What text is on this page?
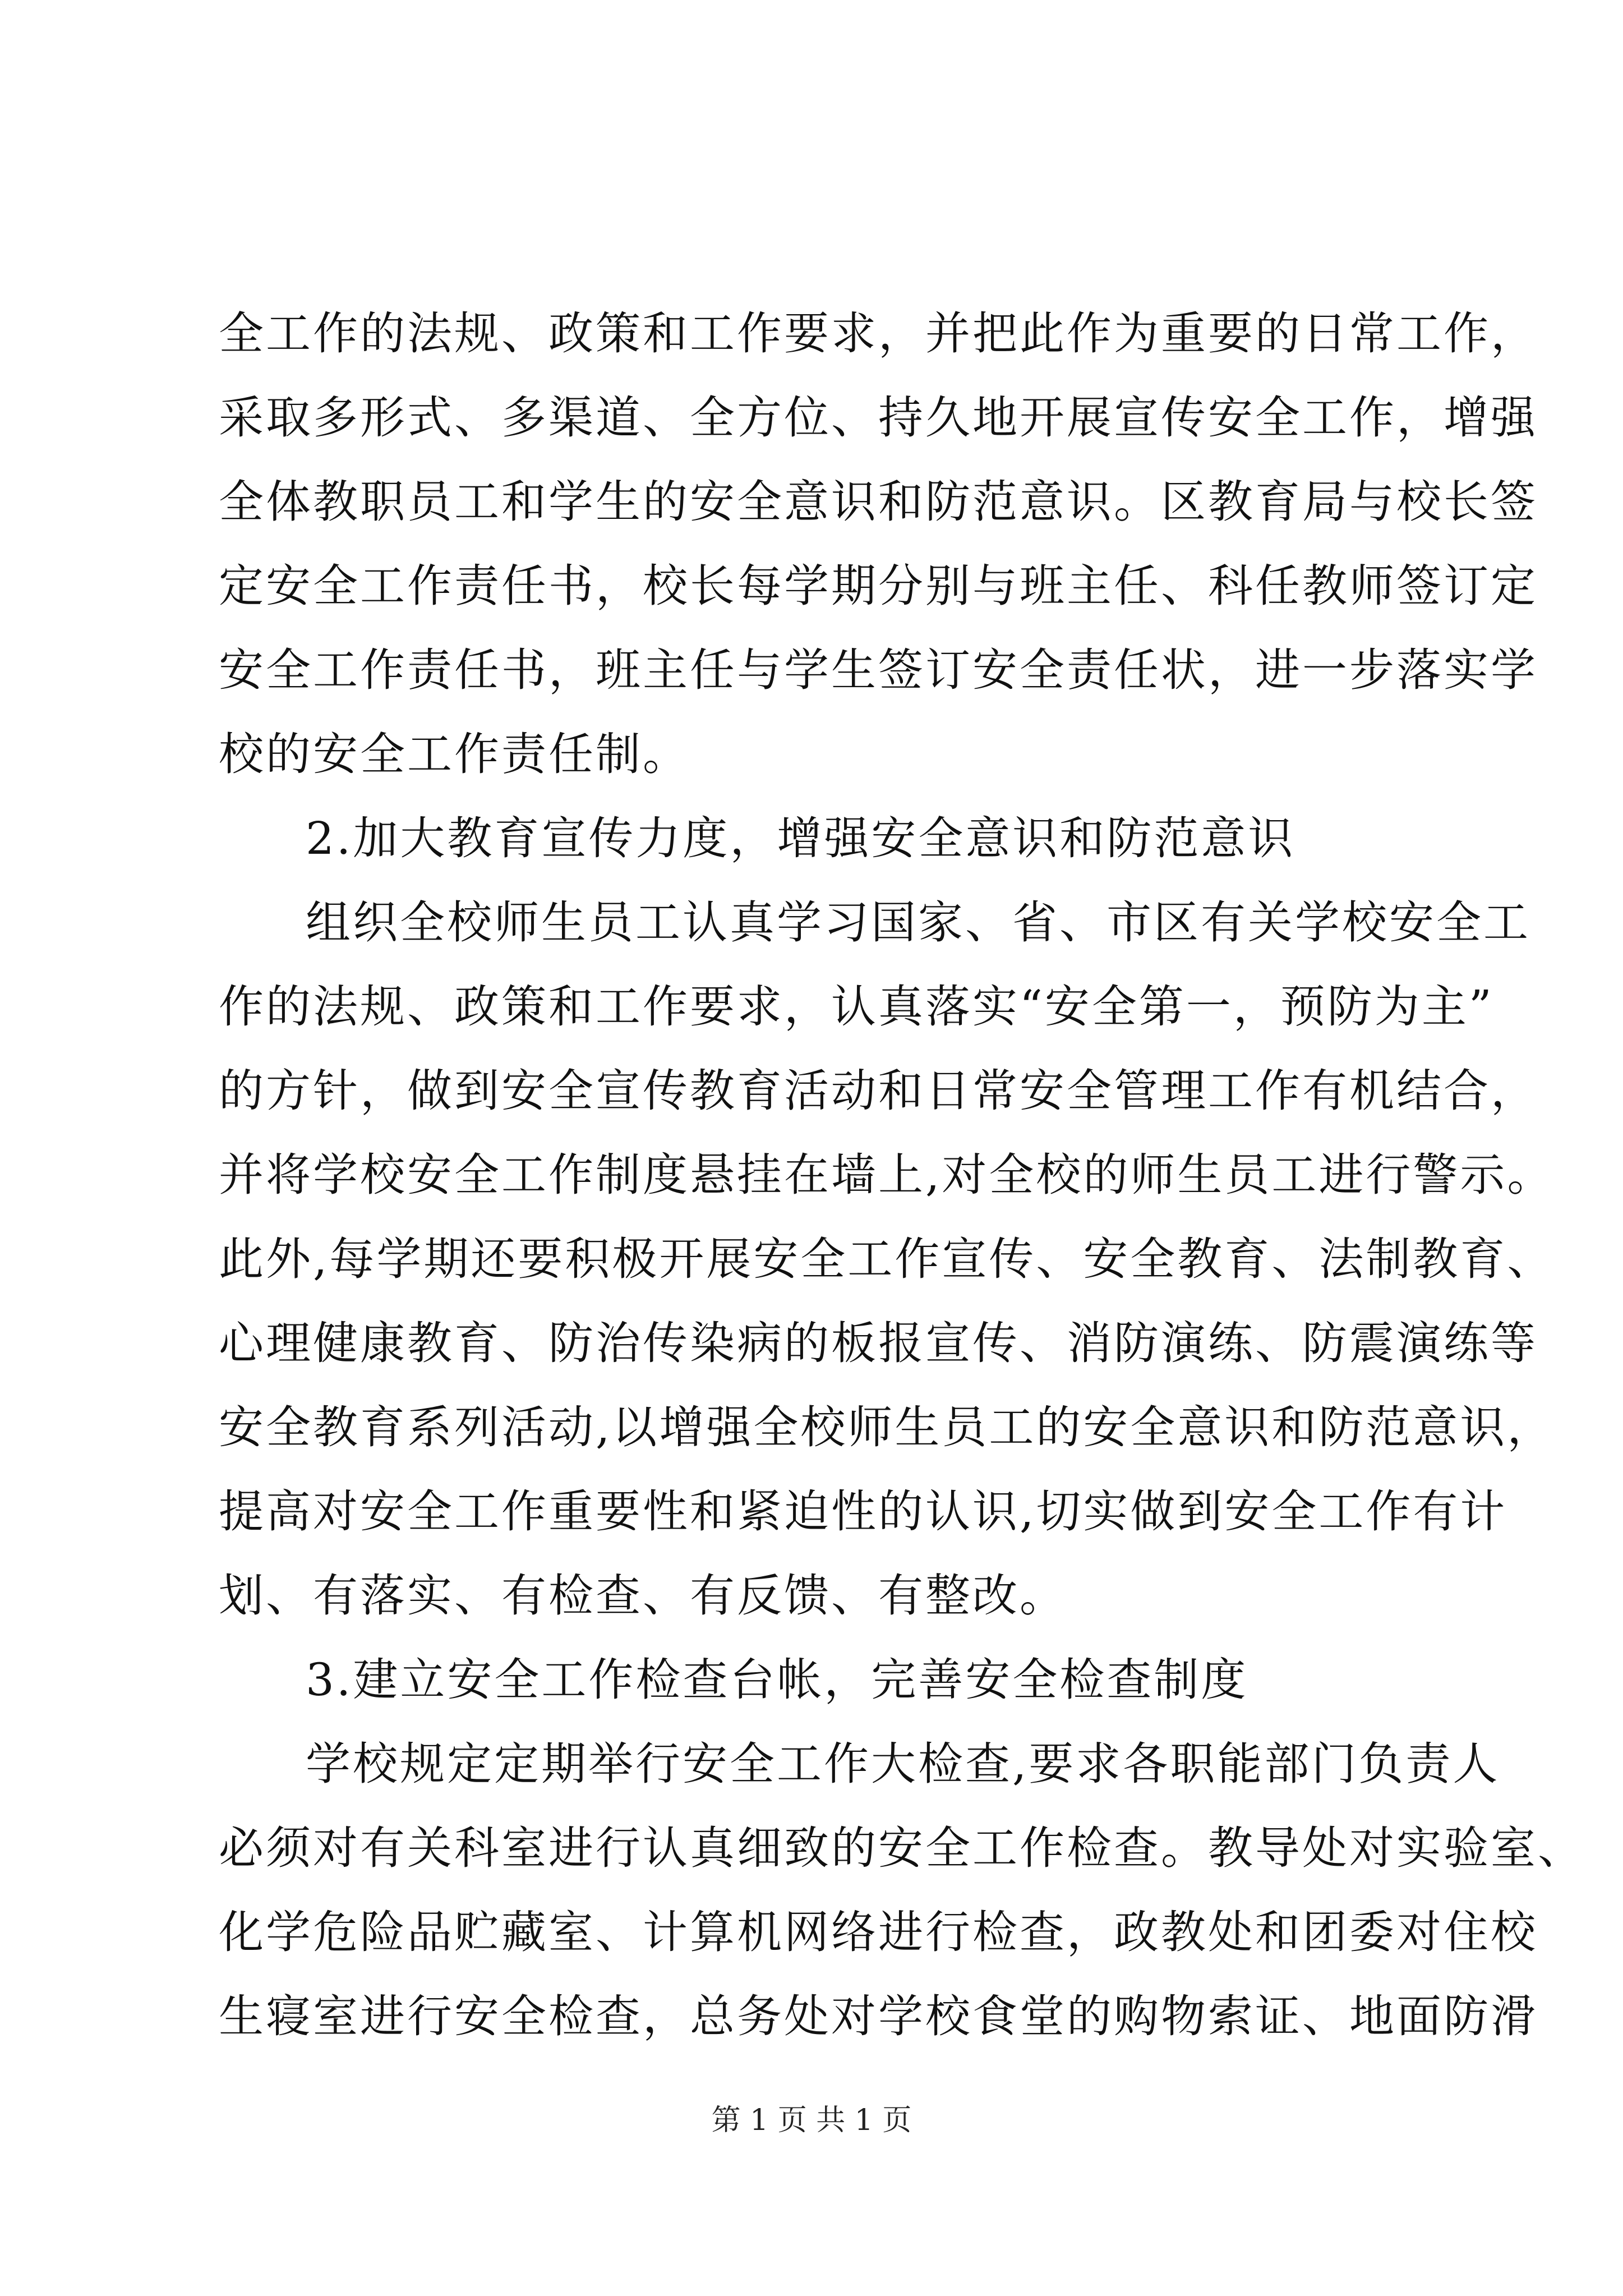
全工作的法规、政策和工作要求，并把此作为重要的日常工作，
采取多形式、多渠道、全方位、持久地开展宣传安全工作，增强
全体教职员工和学生的安全意识和防范意识。区教育局与校长签
定安全工作责任书，校长每学期分别与班主任、科任教师签订定
安全工作责任书，班主任与学生签订安全责任状，进一步落实学
校的安全工作责任制。
2.加大教育宣传力度，增强安全意识和防范意识
组织全校师生员工认真学习国家、省、市区有关学校安全工
作的法规、政策和工作要求，认真落实“安全第一，预防为主”
的方针，做到安全宣传教育活动和日常安全管理工作有机结合，
并将学校安全工作制度悬挂在墙上,对全校的师生员工进行警示。
此外,每学期还要积极开展安全工作宣传、安全教育、法制教育、
心理健康教育、防治传染病的板报宣传、消防演练、防震演练等
安全教育系列活动,以增强全校师生员工的安全意识和防范意识，
提高对安全工作重要性和紧迫性的认识,切实做到安全工作有计
划、有落实、有检查、有反馈、有整改。
3.建立安全工作检查台帐，完善安全检查制度
学校规定定期举行安全工作大检查,要求各职能部门负责人
必须对有关科室进行认真细致的安全工作检查。教导处对实验室、
化学危险品贮藏室、计算机网络进行检查，政教处和团委对住校
生寝室进行安全检查，总务处对学校食堂的购物索证、地面防滑
第 1 页 共 1 页
